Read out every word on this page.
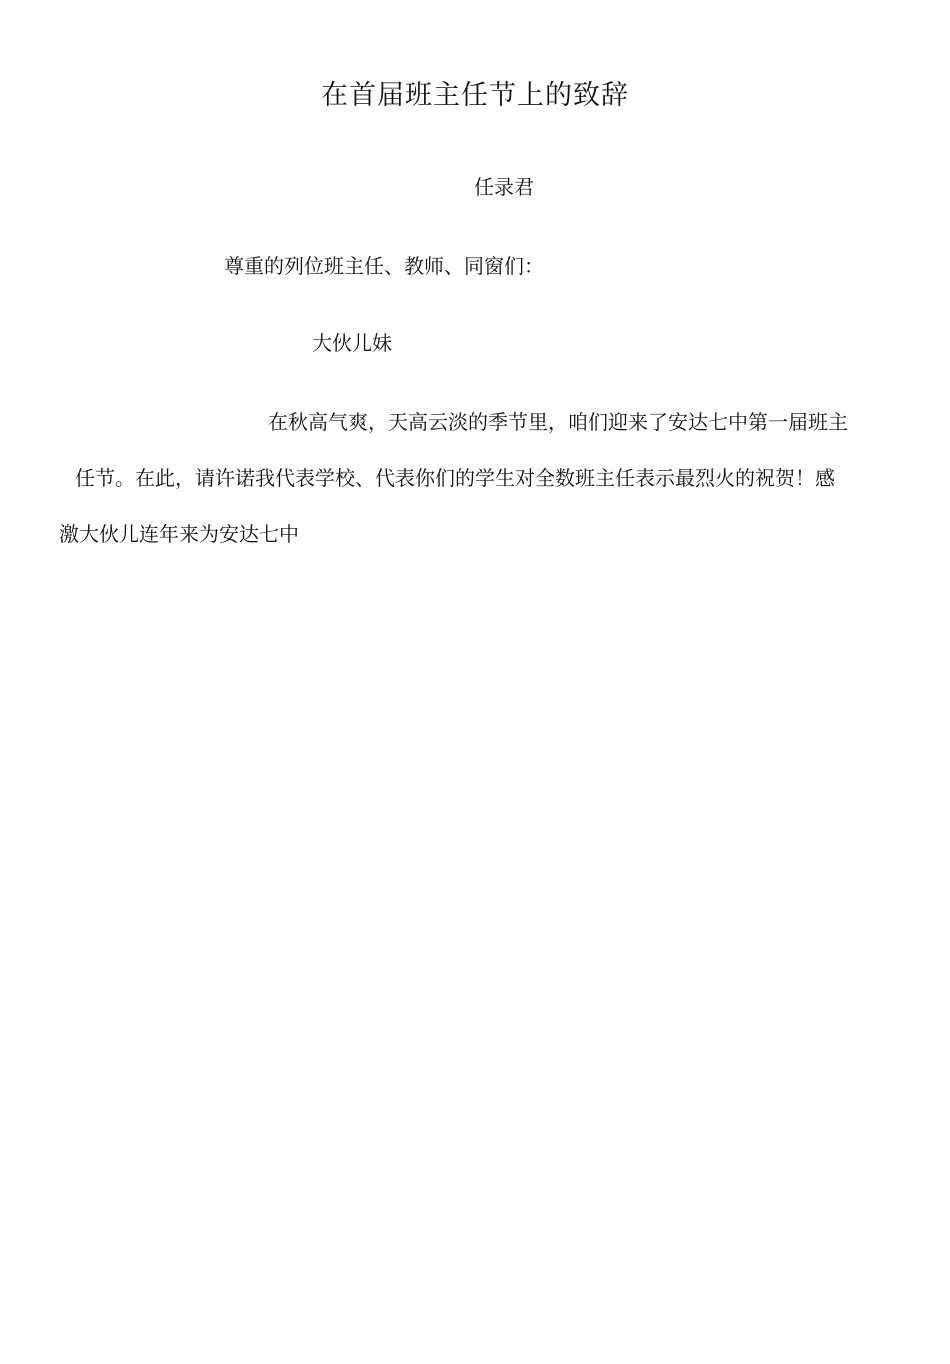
在首届班主任节上的致辞
任录君
尊重的列位班主任、教师、同窗们：
大伙儿妹
在秋高气爽，天高云淡的季节里，咱们迎来了安达七中第一届班主
任节。在此，请许诺我代表学校、代表你们的学生对全数班主任表示最烈火的祝贺！感
激大伙儿连年来为安达七中
